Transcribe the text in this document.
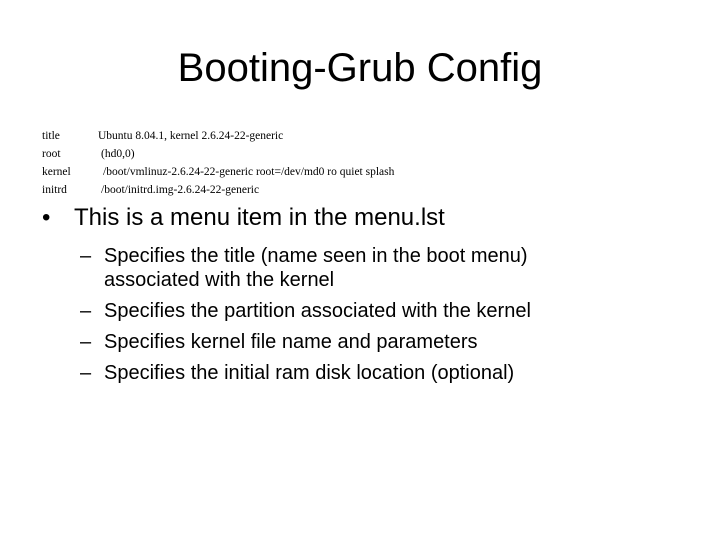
Booting-Grub Config
title	Ubuntu 8.04.1, kernel 2.6.24-22-generic
root	(hd0,0)
kernel	/boot/vmlinuz-2.6.24-22-generic root=/dev/md0 ro quiet splash
initrd	/boot/initrd.img-2.6.24-22-generic
• This is a menu item in the menu.lst
– Specifies the title (name seen in the boot menu) associated with the kernel
– Specifies the partition associated with the kernel
– Specifies kernel file name and parameters
– Specifies the initial ram disk location (optional)
